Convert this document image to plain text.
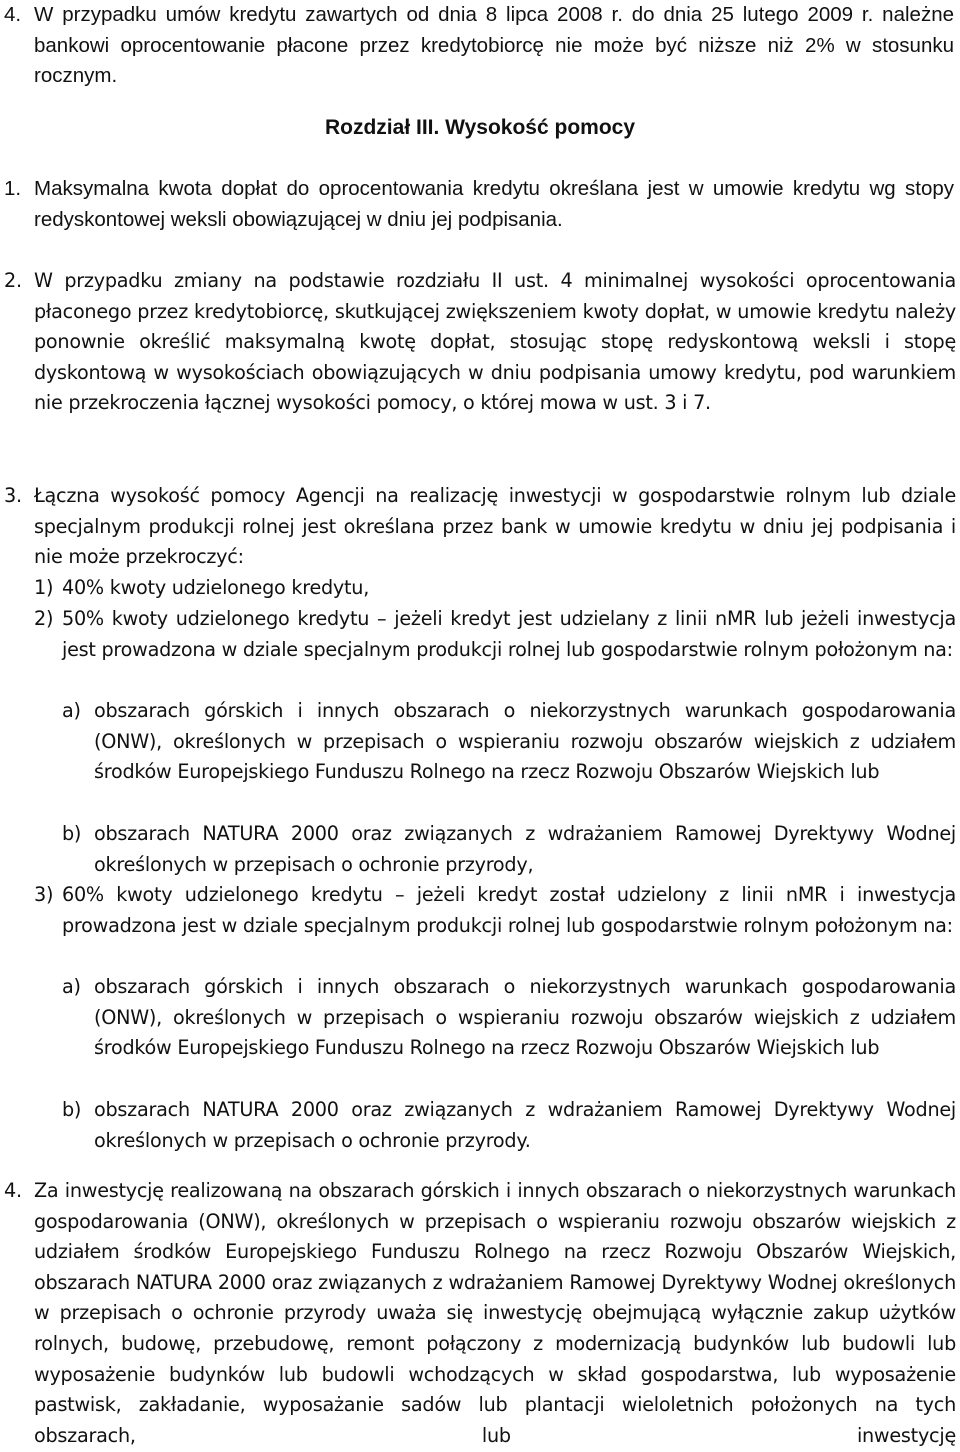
4. W przypadku umów kredytu zawartych od dnia 8 lipca 2008 r. do dnia 25 lutego 2009 r. należne bankowi oprocentowanie płacone przez kredytobiorcę nie może być niższe niż 2% w stosunku rocznym.
Rozdział III. Wysokość pomocy
1. Maksymalna kwota dopłat do oprocentowania kredytu określana jest w umowie kredytu wg stopy redyskontowej weksli obowiązującej w dniu jej podpisania.
2. W przypadku zmiany na podstawie rozdziału II ust. 4 minimalnej wysokości oprocentowania płaconego przez kredytobiorcę, skutkującej zwiększeniem kwoty dopłat, w umowie kredytu należy ponownie określić maksymalną kwotę dopłat, stosując stopę redyskontową weksli i stopę dyskontową w wysokościach obowiązujących w dniu podpisania umowy kredytu, pod warunkiem nie przekroczenia łącznej wysokości pomocy, o której mowa w ust. 3 i 7.
3. Łączna wysokość pomocy Agencji na realizację inwestycji w gospodarstwie rolnym lub dziale specjalnym produkcji rolnej jest określana przez bank w umowie kredytu w dniu jej podpisania i nie może przekroczyć:
1) 40% kwoty udzielonego kredytu,
2) 50% kwoty udzielonego kredytu – jeżeli kredyt jest udzielany z linii nMR lub jeżeli inwestycja jest prowadzona w dziale specjalnym produkcji rolnej lub gospodarstwie rolnym położonym na:
a) obszarach górskich i innych obszarach o niekorzystnych warunkach gospodarowania (ONW), określonych w przepisach o wspieraniu rozwoju obszarów wiejskich z udziałem środków Europejskiego Funduszu Rolnego na rzecz Rozwoju Obszarów Wiejskich lub
b) obszarach NATURA 2000 oraz związanych z wdrażaniem Ramowej Dyrektywy Wodnej określonych w przepisach o ochronie przyrody,
3) 60% kwoty udzielonego kredytu – jeżeli kredyt został udzielony z linii nMR i inwestycja prowadzona jest w dziale specjalnym produkcji rolnej lub gospodarstwie rolnym położonym na:
a) obszarach górskich i innych obszarach o niekorzystnych warunkach gospodarowania (ONW), określonych w przepisach o wspieraniu rozwoju obszarów wiejskich z udziałem środków Europejskiego Funduszu Rolnego na rzecz Rozwoju Obszarów Wiejskich lub
b) obszarach NATURA 2000 oraz związanych z wdrażaniem Ramowej Dyrektywy Wodnej określonych w przepisach o ochronie przyrody.
4. Za inwestycję realizowaną na obszarach górskich i innych obszarach o niekorzystnych warunkach gospodarowania (ONW), określonych w przepisach o wspieraniu rozwoju obszarów wiejskich z udziałem środków Europejskiego Funduszu Rolnego na rzecz Rozwoju Obszarów Wiejskich, obszarach NATURA 2000 oraz związanych z wdrażaniem Ramowej Dyrektywy Wodnej określonych w przepisach o ochronie przyrody uważa się inwestycję obejmującą wyłącznie zakup użytków rolnych, budowę, przebudowę, remont połączony z modernizacją budynków lub budowli lub wyposażenie budynków lub budowli wchodzących w skład gospodarstwa, lub wyposażenie pastwisk, zakładanie, wyposażanie sadów lub plantacji wieloletnich położonych na tych obszarach, lub inwestycję
